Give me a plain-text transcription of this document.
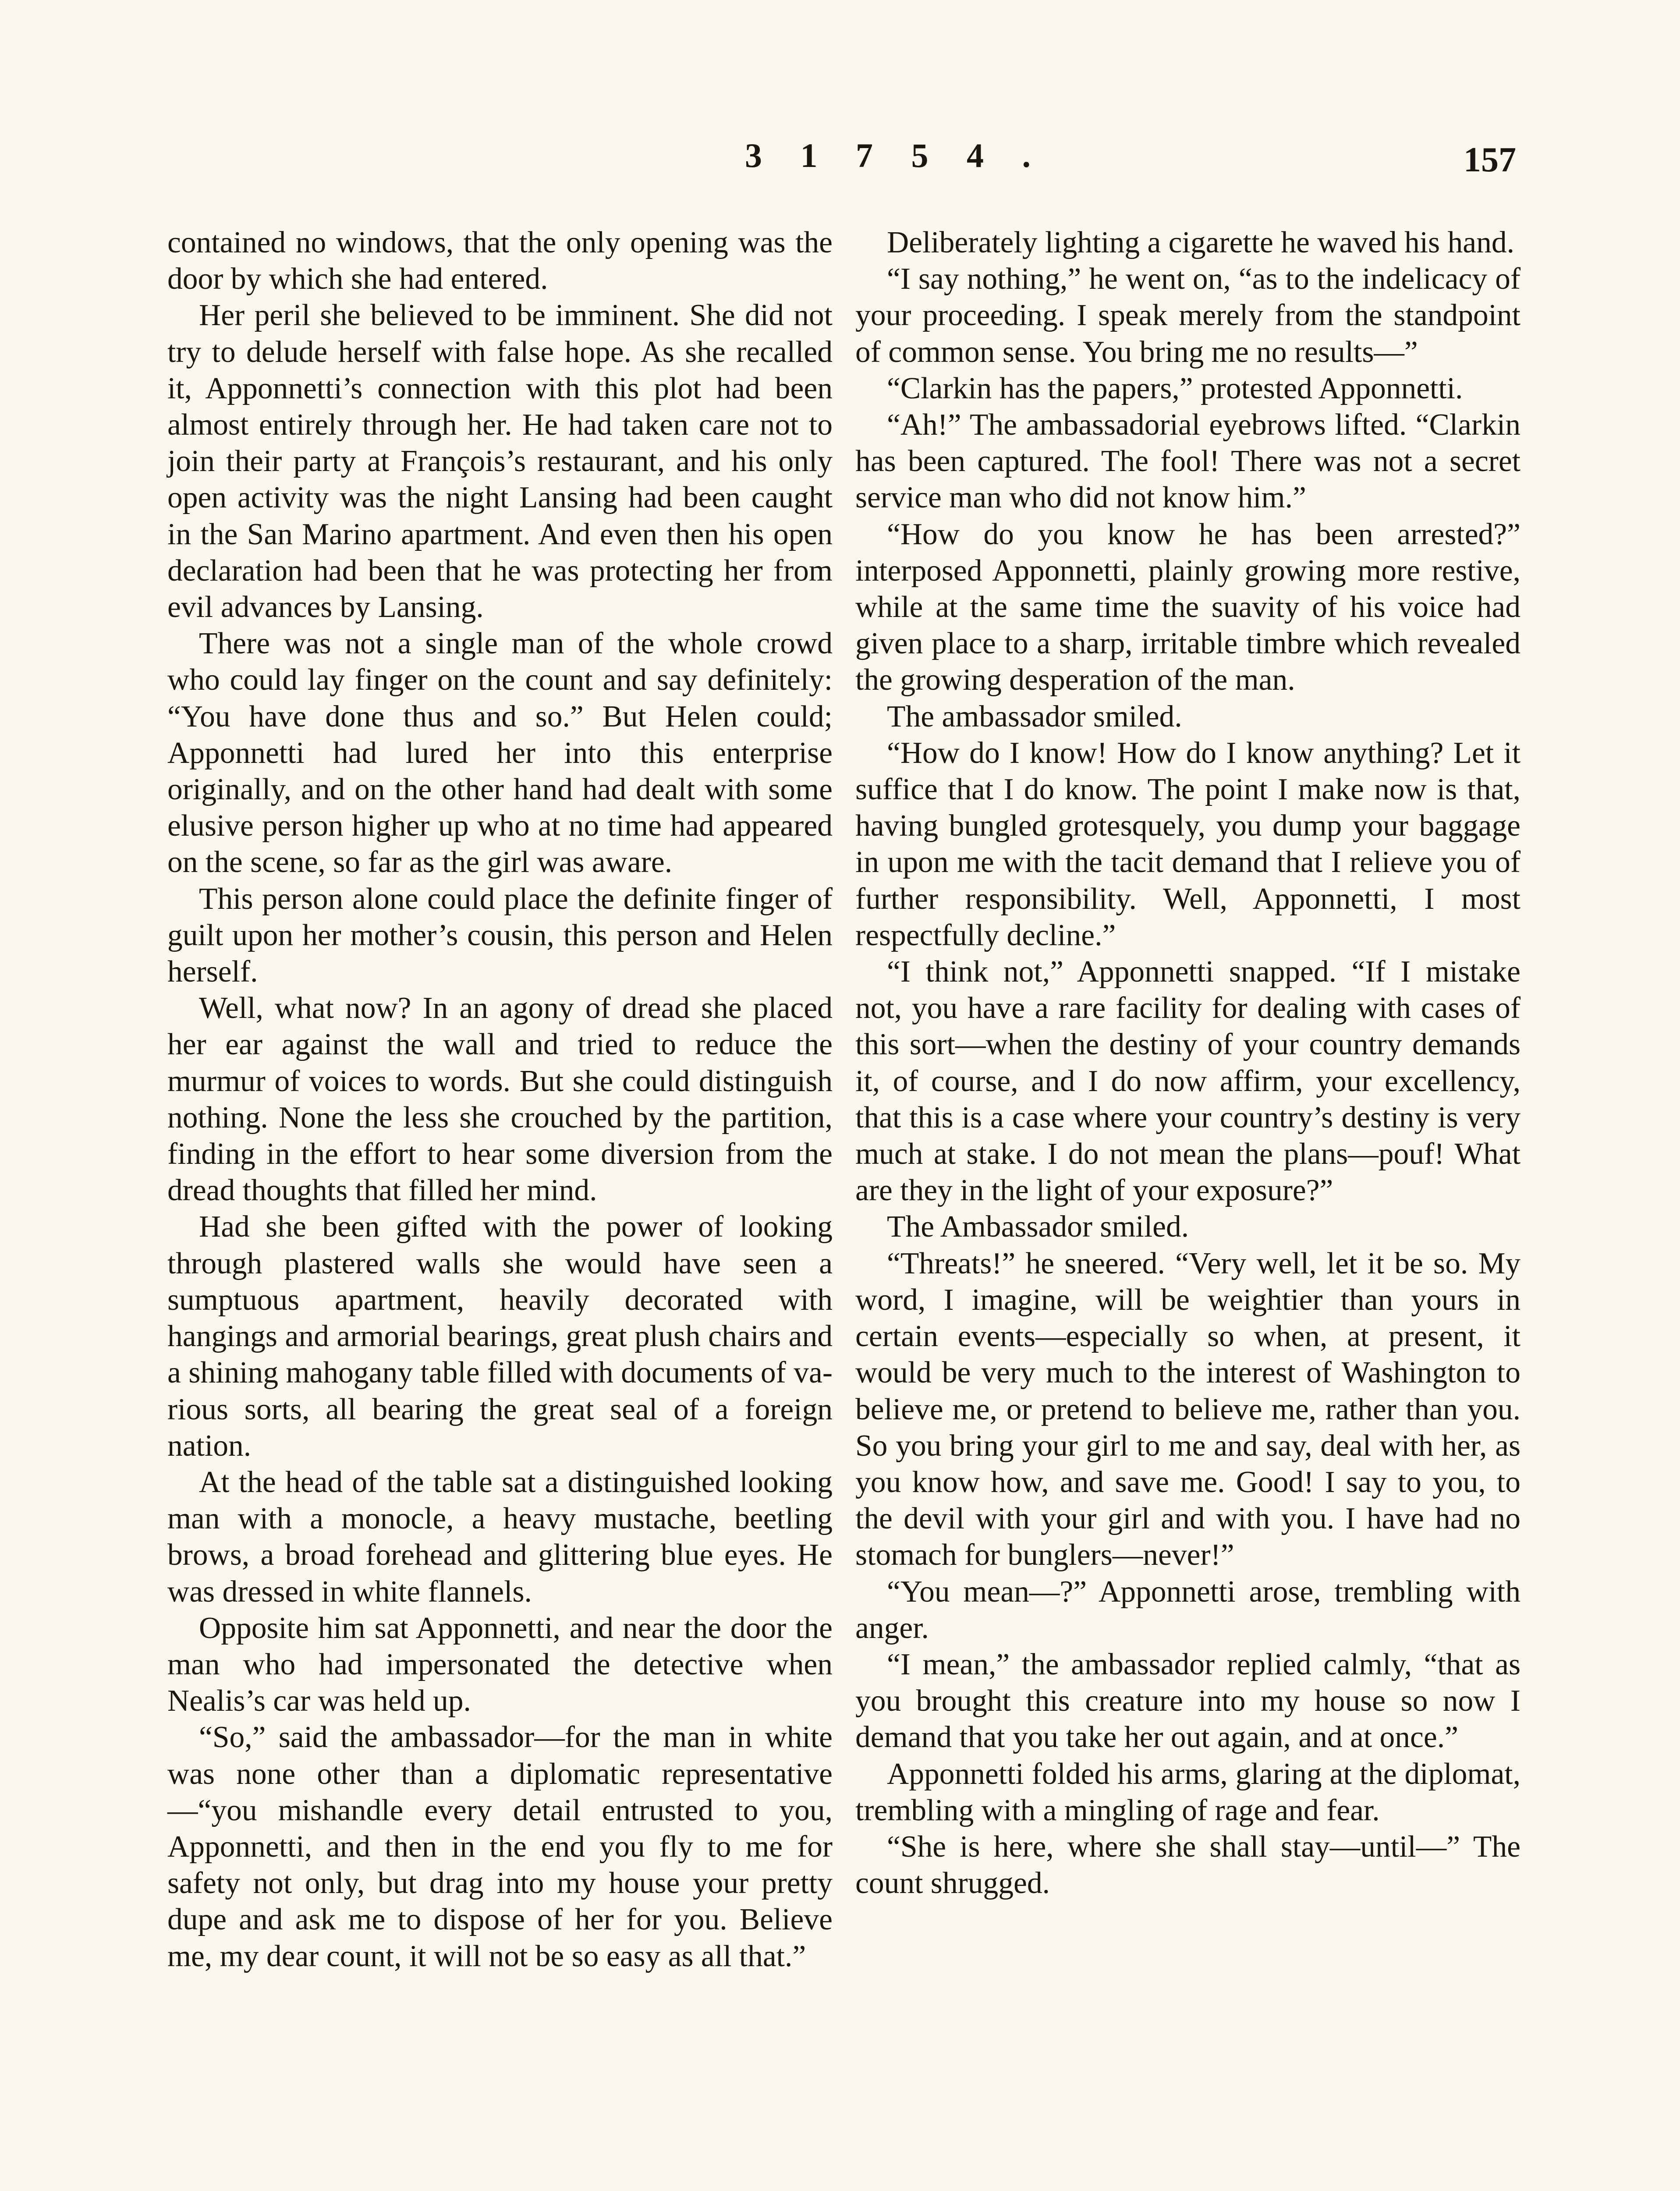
3 1 7 5 4 .	157

contained no windows, that the only opening was the door by which she had entered.

Her peril she believed to be imminent. She did not try to delude herself with false hope. As she recalled it, Apponnetti’s connection with this plot had been almost entirely through her. He had taken care not to join their party at François’s restaurant, and his only open activity was the night Lansing had been caught in the San Marino apartment. And even then his open declaration had been that he was protecting her from evil advances by Lansing.

There was not a single man of the whole crowd who could lay finger on the count and say definitely: “You have done thus and so.” But Helen could; Apponnetti had lured her into this enterprise originally, and on the other hand had dealt with some elusive person higher up who at no time had appeared on the scene, so far as the girl was aware.

This person alone could place the definite finger of guilt upon her mother’s cousin, this person and Helen herself.

Well, what now? In an agony of dread she placed her ear against the wall and tried to reduce the murmur of voices to words. But she could distinguish nothing. None the less she crouched by the partition, finding in the effort to hear some diversion from the dread thoughts that filled her mind.

Had she been gifted with the power of looking through plastered walls she would have seen a sumptuous apartment, heavily decorated with hangings and armorial bearings, great plush chairs and a shining mahogany table filled with documents of various sorts, all bearing the great seal of a foreign nation.

At the head of the table sat a distinguished looking man with a monocle, a heavy mustache, beetling brows, a broad forehead and glittering blue eyes. He was dressed in white flannels.

Opposite him sat Apponnetti, and near the door the man who had impersonated the detective when Nealis’s car was held up.

“So,” said the ambassador—for the man in white was none other than a diplomatic representative—“you mishandle every detail entrusted to you, Apponnetti, and then in the end you fly to me for safety not only, but drag into my house your pretty dupe and ask me to dispose of her for you. Believe me, my dear count, it will not be so easy as all that.”

Deliberately lighting a cigarette he waved his hand.

“I say nothing,” he went on, “as to the indelicacy of your proceeding. I speak merely from the standpoint of common sense. You bring me no results—”

“Clarkin has the papers,” protested Apponnetti.

“Ah!” The ambassadorial eyebrows lifted. “Clarkin has been captured. The fool! There was not a secret service man who did not know him.”

“How do you know he has been arrested?” interposed Apponnetti, plainly growing more restive, while at the same time the suavity of his voice had given place to a sharp, irritable timbre which revealed the growing desperation of the man.

The ambassador smiled.

“How do I know! How do I know anything? Let it suffice that I do know. The point I make now is that, having bungled grotesquely, you dump your baggage in upon me with the tacit demand that I relieve you of further responsibility. Well, Apponnetti, I most respectfully decline.”

“I think not,” Apponnetti snapped. “If I mistake not, you have a rare facility for dealing with cases of this sort—when the destiny of your country demands it, of course, and I do now affirm, your excellency, that this is a case where your country’s destiny is very much at stake. I do not mean the plans—pouf! What are they in the light of your exposure?”

The Ambassador smiled.

“Threats!” he sneered. “Very well, let it be so. My word, I imagine, will be weightier than yours in certain events—especially so when, at present, it would be very much to the interest of Washington to believe me, or pretend to believe me, rather than you. So you bring your girl to me and say, deal with her, as you know how, and save me. Good! I say to you, to the devil with your girl and with you. I have had no stomach for bunglers—never!”

“You mean—?” Apponnetti arose, trembling with anger.

“I mean,” the ambassador replied calmly, “that as you brought this creature into my house so now I demand that you take her out again, and at once.”

Apponnetti folded his arms, glaring at the diplomat, trembling with a mingling of rage and fear.

“She is here, where she shall stay—until—” The count shrugged.
